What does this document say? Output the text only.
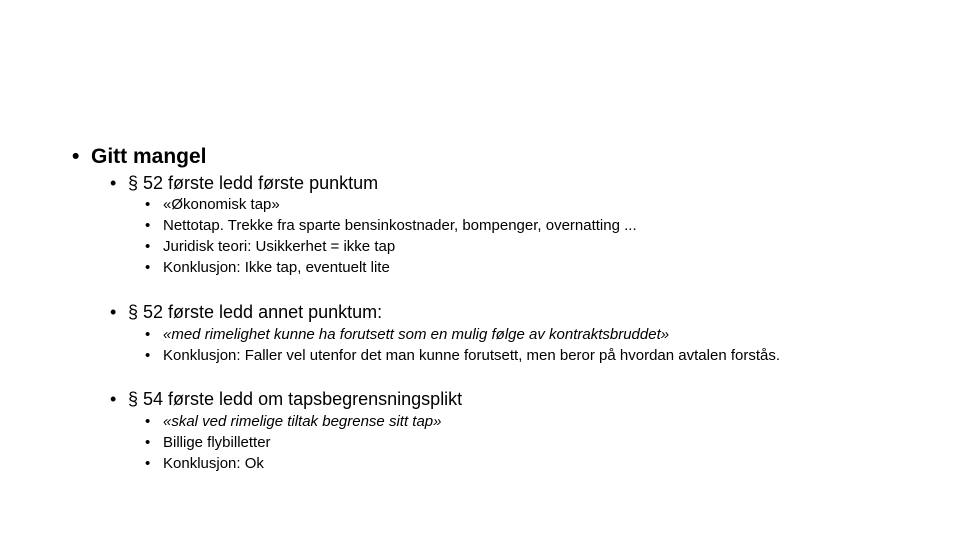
• Gitt mangel
• § 52 første ledd første punktum
• «Økonomisk tap»
• Nettotap. Trekke fra sparte bensinkostnader, bompenger, overnatting ...
• Juridisk teori: Usikkerhet = ikke tap
• Konklusjon: Ikke tap, eventuelt lite
• § 52 første ledd annet punktum:
• «med rimelighet kunne ha forutsett som en mulig følge av kontraktsbruddet»
• Konklusjon: Faller vel utenfor det man kunne forutsett, men beror på hvordan avtalen forstås.
• § 54 første ledd om tapsbegrensningsplikt
• «skal ved rimelige tiltak begrense sitt tap»
• Billige flybilletter
• Konklusjon: Ok
